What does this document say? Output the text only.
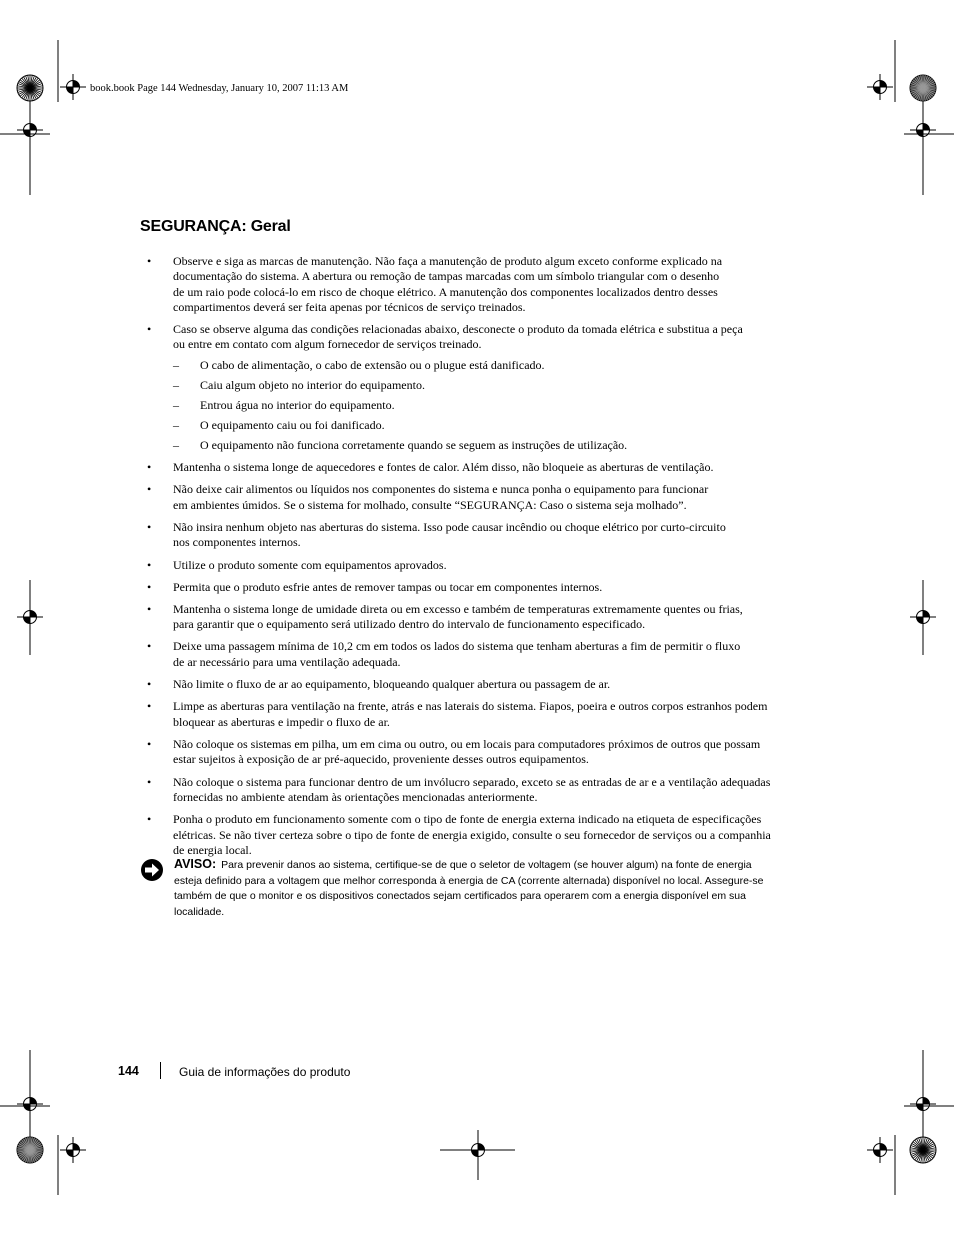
book.book Page 144 Wednesday, January 10, 2007 11:13 AM
SEGURANÇA: Geral
•	Observe e siga as marcas de manutenção. Não faça a manutenção de produto algum exceto conforme explicado na
documentação do sistema. A abertura ou remoção de tampas marcadas com um símbolo triangular com o desenho
de um raio pode colocá-lo em risco de choque elétrico. A manutenção dos componentes localizados dentro desses
compartimentos deverá ser feita apenas por técnicos de serviço treinados.
•	Caso se observe alguma das condições relacionadas abaixo, desconecte o produto da tomada elétrica e substitua a peça
ou entre em contato com algum fornecedor de serviços treinado.
– O cabo de alimentação, o cabo de extensão ou o plugue está danificado.
– Caiu algum objeto no interior do equipamento.
– Entrou água no interior do equipamento.
– O equipamento caiu ou foi danificado.
– O equipamento não funciona corretamente quando se seguem as instruções de utilização.
•	Mantenha o sistema longe de aquecedores e fontes de calor. Além disso, não bloqueie as aberturas de ventilação.
•	Não deixe cair alimentos ou líquidos nos componentes do sistema e nunca ponha o equipamento para funcionar
em ambientes úmidos. Se o sistema for molhado, consulte “SEGURANÇA: Caso o sistema seja molhado”.
•	Não insira nenhum objeto nas aberturas do sistema. Isso pode causar incêndio ou choque elétrico por curto-circuito
nos componentes internos.
•	Utilize o produto somente com equipamentos aprovados.
•	Permita que o produto esfrie antes de remover tampas ou tocar em componentes internos.
•	Mantenha o sistema longe de umidade direta ou em excesso e também de temperaturas extremamente quentes ou frias,
para garantir que o equipamento será utilizado dentro do intervalo de funcionamento especificado.
•	Deixe uma passagem mínima de 10,2 cm em todos os lados do sistema que tenham aberturas a fim de permitir o fluxo
de ar necessário para uma ventilação adequada.
•	Não limite o fluxo de ar ao equipamento, bloqueando qualquer abertura ou passagem de ar.
•	Limpe as aberturas para ventilação na frente, atrás e nas laterais do sistema. Fiapos, poeira e outros corpos estranhos podem
bloquear as aberturas e impedir o fluxo de ar.
•	Não coloque os sistemas em pilha, um em cima ou outro, ou em locais para computadores próximos de outros que possam
estar sujeitos à exposição de ar pré-aquecido, proveniente desses outros equipamentos.
•	Não coloque o sistema para funcionar dentro de um invólucro separado, exceto se as entradas de ar e a ventilação adequadas
fornecidas no ambiente atendam às orientações mencionadas anteriormente.
•	Ponha o produto em funcionamento somente com o tipo de fonte de energia externa indicado na etiqueta de especificações
elétricas. Se não tiver certeza sobre o tipo de fonte de energia exigido, consulte o seu fornecedor de serviços ou a companhia
de energia local.
AVISO: Para prevenir danos ao sistema, certifique-se de que o seletor de voltagem (se houver algum) na fonte de energia
esteja definido para a voltagem que melhor corresponda à energia de CA (corrente alternada) disponível no local. Assegure-se
também de que o monitor e os dispositivos conectados sejam certificados para operarem com a energia disponível em sua
localidade.
144	Guia de informações do produto
